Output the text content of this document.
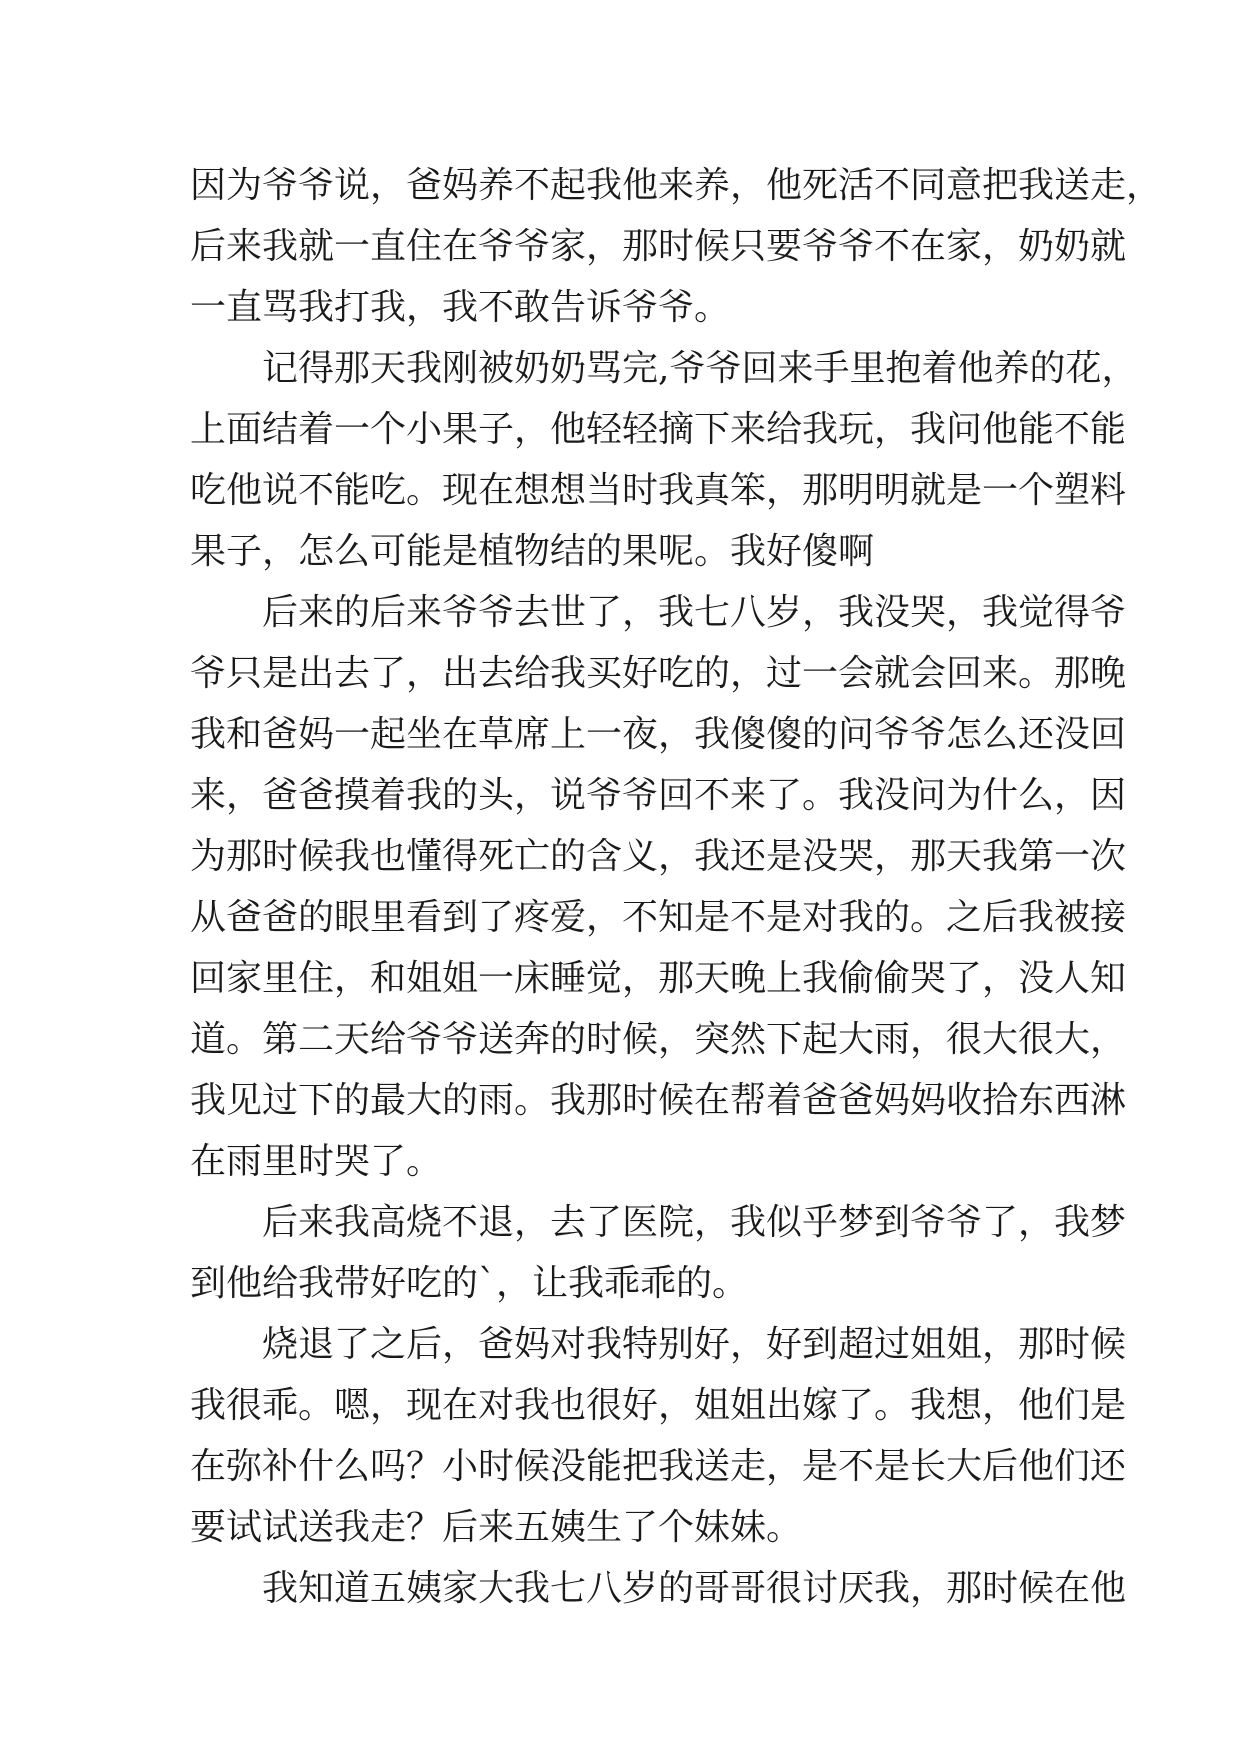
因为爷爷说，爸妈养不起我他来养，他死活不同意把我送走，
后来我就一直住在爷爷家，那时候只要爷爷不在家，奶奶就
一直骂我打我，我不敢告诉爷爷。
记得那天我刚被奶奶骂完,爷爷回来手里抱着他养的花，
上面结着一个小果子，他轻轻摘下来给我玩，我问他能不能
吃他说不能吃。现在想想当时我真笨，那明明就是一个塑料
果子，怎么可能是植物结的果呢。我好傻啊
后来的后来爷爷去世了，我七八岁，我没哭，我觉得爷
爷只是出去了，出去给我买好吃的，过一会就会回来。那晚
我和爸妈一起坐在草席上一夜，我傻傻的问爷爷怎么还没回
来，爸爸摸着我的头，说爷爷回不来了。我没问为什么，因
为那时候我也懂得死亡的含义，我还是没哭，那天我第一次
从爸爸的眼里看到了疼爱，不知是不是对我的。之后我被接
回家里住，和姐姐一床睡觉，那天晚上我偷偷哭了，没人知
道。第二天给爷爷送奔的时候，突然下起大雨，很大很大，
我见过下的最大的雨。我那时候在帮着爸爸妈妈收拾东西淋
在雨里时哭了。
后来我高烧不退，去了医院，我似乎梦到爷爷了，我梦
到他给我带好吃的`，让我乖乖的。
烧退了之后，爸妈对我特别好，好到超过姐姐，那时候
我很乖。嗯，现在对我也很好，姐姐出嫁了。我想，他们是
在弥补什么吗？小时候没能把我送走，是不是长大后他们还
要试试送我走？后来五姨生了个妹妹。
我知道五姨家大我七八岁的哥哥很讨厌我，那时候在他
